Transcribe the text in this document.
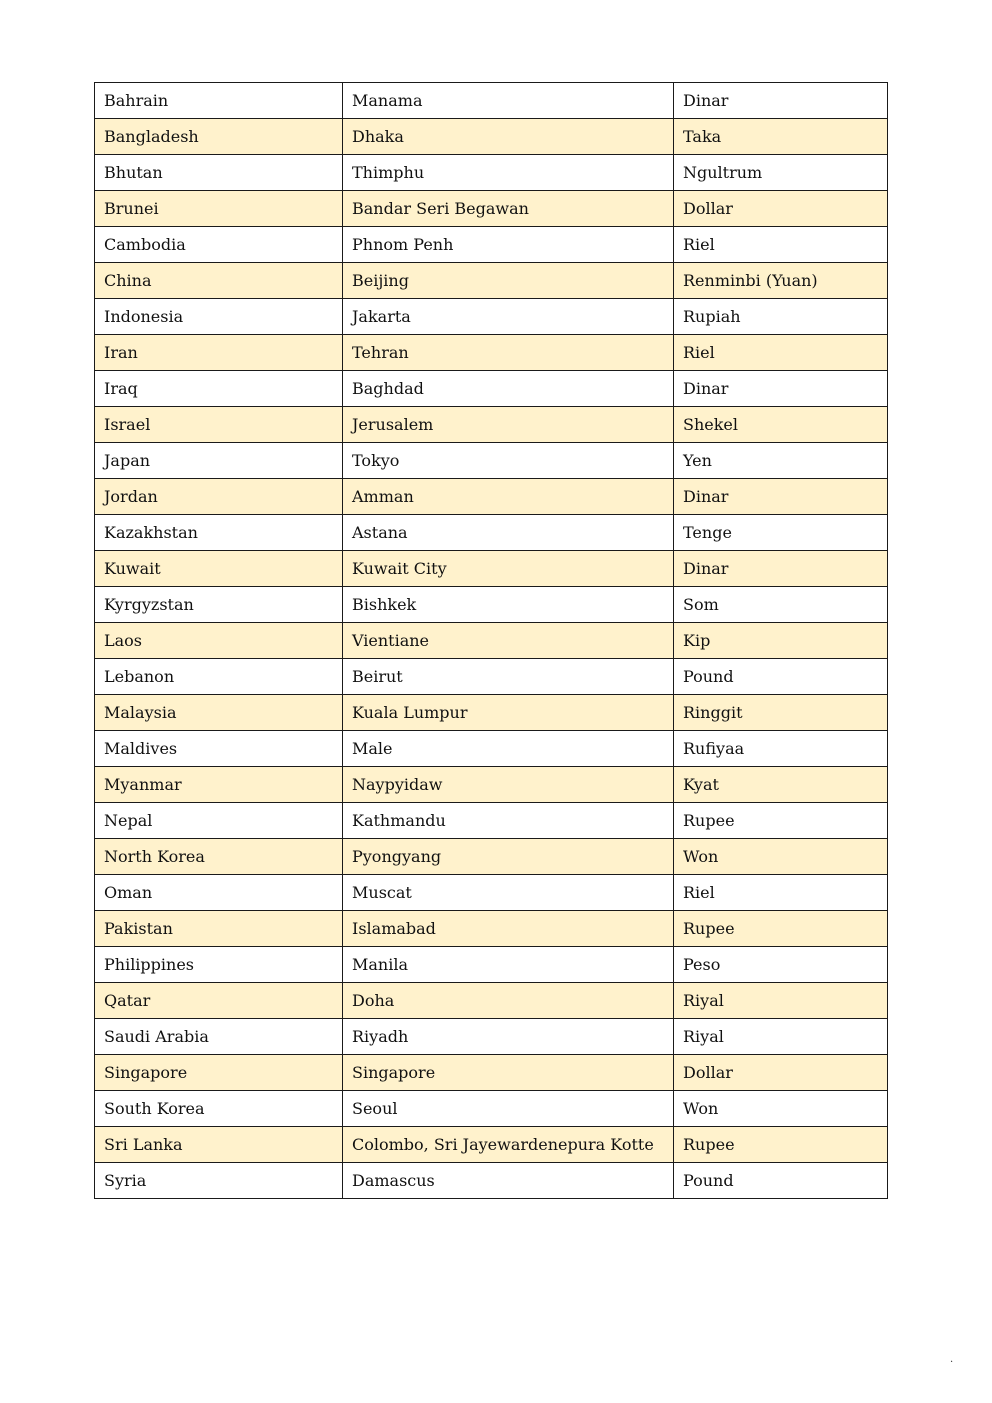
Bahrain	Manama	Dinar
Bangladesh	Dhaka	Taka
Bhutan	Thimphu	Ngultrum
Brunei	Bandar Seri Begawan	Dollar
Cambodia	Phnom Penh	Riel
China	Beijing	Renminbi (Yuan)
Indonesia	Jakarta	Rupiah
Iran	Tehran	Riel
Iraq	Baghdad	Dinar
Israel	Jerusalem	Shekel
Japan	Tokyo	Yen
Jordan	Amman	Dinar
Kazakhstan	Astana	Tenge
Kuwait	Kuwait City	Dinar
Kyrgyzstan	Bishkek	Som
Laos	Vientiane	Kip
Lebanon	Beirut	Pound
Malaysia	Kuala Lumpur	Ringgit
Maldives	Male	Rufiyaa
Myanmar	Naypyidaw	Kyat
Nepal	Kathmandu	Rupee
North Korea	Pyongyang	Won
Oman	Muscat	Riel
Pakistan	Islamabad	Rupee
Philippines	Manila	Peso
Qatar	Doha	Riyal
Saudi Arabia	Riyadh	Riyal
Singapore	Singapore	Dollar
South Korea	Seoul	Won
Sri Lanka	Colombo, Sri Jayewardenepura Kotte	Rupee
Syria	Damascus	Pound
.
